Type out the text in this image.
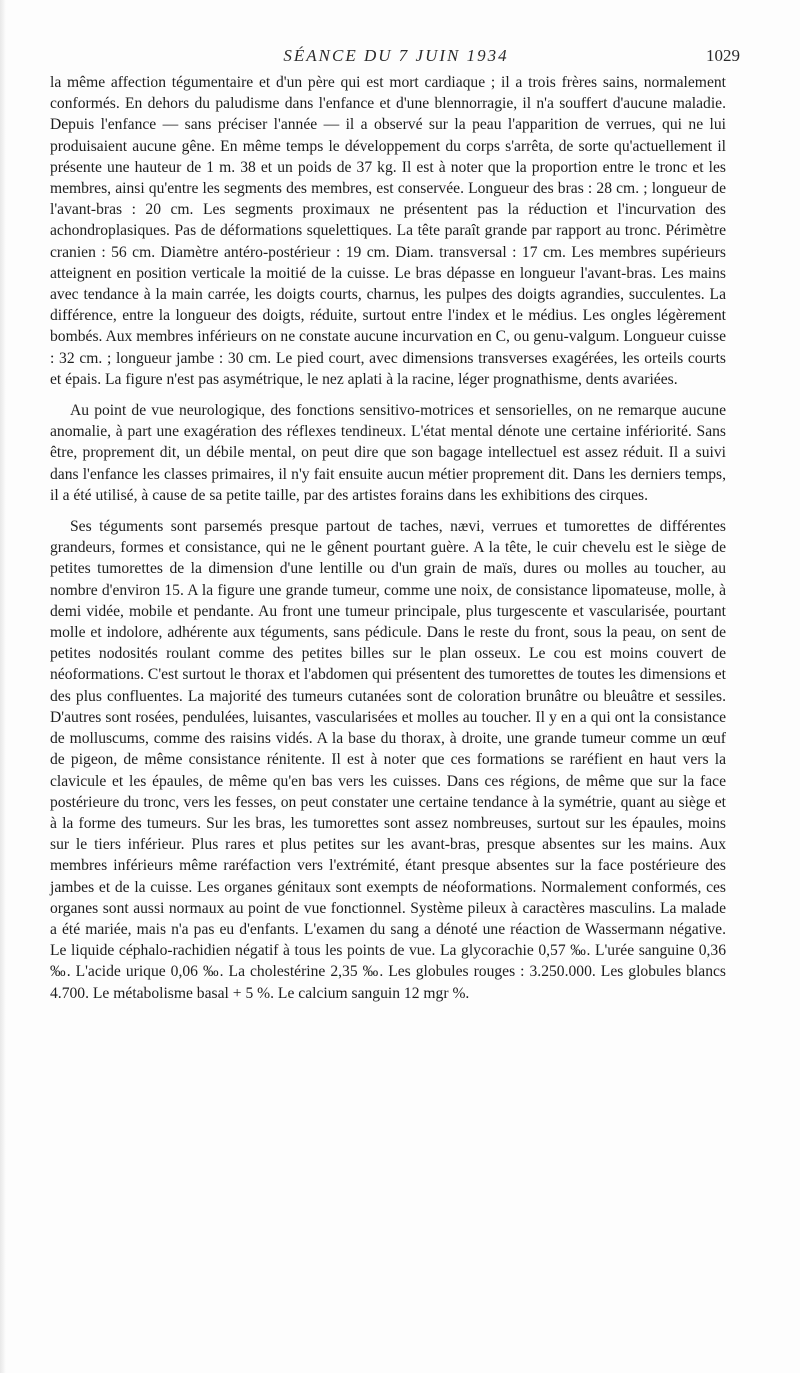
SÉANCE DU 7 JUIN 1934	1029

la même affection tégumentaire et d'un père qui est mort cardiaque ; il a trois frères sains, normalement conformés. En dehors du paludisme dans l'enfance et d'une blennorragie, il n'a souffert d'aucune maladie. Depuis l'enfance — sans préciser l'année — il a observé sur la peau l'apparition de verrues, qui ne lui produisaient aucune gêne. En même temps le développement du corps s'arrêta, de sorte qu'actuellement il présente une hauteur de 1 m. 38 et un poids de 37 kg. Il est à noter que la proportion entre le tronc et les membres, ainsi qu'entre les segments des membres, est conservée. Longueur des bras : 28 cm. ; longueur de l'avant-bras : 20 cm. Les segments proximaux ne présentent pas la réduction et l'incurvation des achondroplasiques. Pas de déformations squelettiques. La tête paraît grande par rapport au tronc. Périmètre cranien : 56 cm. Diamètre antéro-postérieur : 19 cm. Diam. transversal : 17 cm. Les membres supérieurs atteignent en position verticale la moitié de la cuisse. Le bras dépasse en longueur l'avant-bras. Les mains avec tendance à la main carrée, les doigts courts, charnus, les pulpes des doigts agrandies, succulentes. La différence, entre la longueur des doigts, réduite, surtout entre l'index et le médius. Les ongles légèrement bombés. Aux membres inférieurs on ne constate aucune incurvation en C, ou genu-valgum. Longueur cuisse : 32 cm. ; longueur jambe : 30 cm. Le pied court, avec dimensions transverses exagérées, les orteils courts et épais. La figure n'est pas asymétrique, le nez aplati à la racine, léger prognathisme, dents avariées.

Au point de vue neurologique, des fonctions sensitivo-motrices et sensorielles, on ne remarque aucune anomalie, à part une exagération des réflexes tendineux. L'état mental dénote une certaine infériorité. Sans être, proprement dit, un débile mental, on peut dire que son bagage intellectuel est assez réduit. Il a suivi dans l'enfance les classes primaires, il n'y fait ensuite aucun métier proprement dit. Dans les derniers temps, il a été utilisé, à cause de sa petite taille, par des artistes forains dans les exhibitions des cirques.

Ses téguments sont parsemés presque partout de taches, nævi, verrues et tumorettes de différentes grandeurs, formes et consistance, qui ne le gênent pourtant guère. A la tête, le cuir chevelu est le siège de petites tumorettes de la dimension d'une lentille ou d'un grain de maïs, dures ou molles au toucher, au nombre d'environ 15. A la figure une grande tumeur, comme une noix, de consistance lipomateuse, molle, à demi vidée, mobile et pendante. Au front une tumeur principale, plus turgescente et vascularisée, pourtant molle et indolore, adhérente aux téguments, sans pédicule. Dans le reste du front, sous la peau, on sent de petites nodosités roulant comme des petites billes sur le plan osseux. Le cou est moins couvert de néoformations. C'est surtout le thorax et l'abdomen qui présentent des tumorettes de toutes les dimensions et des plus confluentes. La majorité des tumeurs cutanées sont de coloration brunâtre ou bleuâtre et sessiles. D'autres sont rosées, pendulées, luisantes, vascularisées et molles au toucher. Il y en a qui ont la consistance de molluscums, comme des raisins vidés. A la base du thorax, à droite, une grande tumeur comme un œuf de pigeon, de même consistance rénitente. Il est à noter que ces formations se raréfient en haut vers la clavicule et les épaules, de même qu'en bas vers les cuisses. Dans ces régions, de même que sur la face postérieure du tronc, vers les fesses, on peut constater une certaine tendance à la symétrie, quant au siège et à la forme des tumeurs. Sur les bras, les tumorettes sont assez nombreuses, surtout sur les épaules, moins sur le tiers inférieur. Plus rares et plus petites sur les avant-bras, presque absentes sur les mains. Aux membres inférieurs même raréfaction vers l'extrémité, étant presque absentes sur la face postérieure des jambes et de la cuisse. Les organes génitaux sont exempts de néoformations. Normalement conformés, ces organes sont aussi normaux au point de vue fonctionnel. Système pileux à caractères masculins. La malade a été mariée, mais n'a pas eu d'enfants. L'examen du sang a dénoté une réaction de Wassermann négative. Le liquide céphalo-rachidien négatif à tous les points de vue. La glycorachie 0,57 ‰. L'urée sanguine 0,36 ‰. L'acide urique 0,06 ‰. La cholestérine 2,35 ‰. Les globules rouges : 3.250.000. Les globules blancs 4.700. Le métabolisme basal + 5 %. Le calcium sanguin 12 mgr %.
